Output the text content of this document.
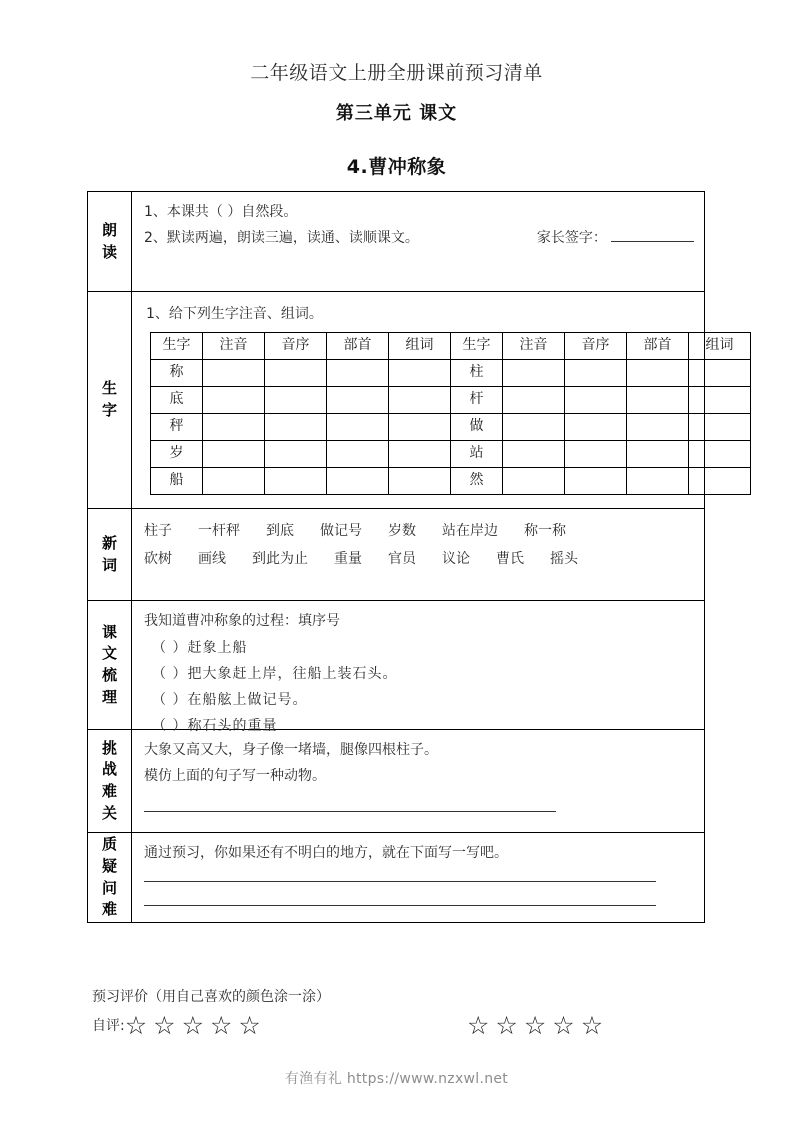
二年级语文上册全册课前预习清单
第三单元 课文
4.曹冲称象
朗
读
1、本课共（ ）自然段。
2、默读两遍，朗读三遍，读通、读顺课文。	家长签字：
生
字
1、给下列生字注音、组词。
生字	注音	音序	部首	组词	生字	注音	音序	部首	组词
称					柱				
底					杆				
秤					做				
岁					站				
船					然				
新
词
柱子 一杆秤 到底 做记号 岁数 站在岸边 称一称
砍树 画线 到此为止 重量 官员 议论 曹氏 摇头
课
文
梳
理
我知道曹冲称象的过程：填序号
（ ）赶象上船
（ ）把大象赶上岸，往船上装石头。
（ ）在船舷上做记号。
（ ）称石头的重量
挑
战
难
关
大象又高又大，身子像一堵墙，腿像四根柱子。
模仿上面的句子写一种动物。
质
疑
问
难
通过预习，你如果还有不明白的地方，就在下面写一写吧。
预习评价（用自己喜欢的颜色涂一涂）
自评: ☆ ☆ ☆ ☆ ☆	☆ ☆ ☆ ☆ ☆
有渔有礼 https://www.nzxwl.net
